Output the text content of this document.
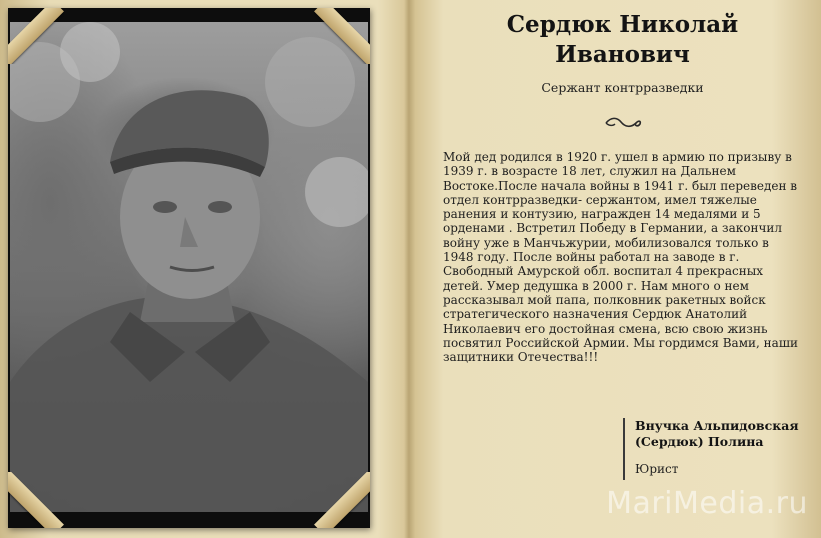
Сердюк Николай Иванович
Сержант контрразведки
Мой дед родился в 1920 г. ушел в армию по призыву в 1939 г. в возрасте 18 лет, служил на Дальнем Востоке.После начала войны в 1941 г. был переведен в отдел контрразведки- сержантом, имел тяжелые ранения и контузию, награжден 14 медалями и 5 орденами . Встретил Победу в Германии, а закончил войну уже в Манчьжурии, мобилизовался только в 1948 году. После войны работал на заводе в г. Свободный Амурской обл. воспитал 4 прекрасных детей. Умер дедушка в 2000 г. Нам много о нем рассказывал мой папа, полковник ракетных войск стратегического назначения Сердюк Анатолий Николаевич его достойная смена, всю свою жизнь посвятил Российской Армии. Мы гордимся Вами, наши защитники Отечества!!!
Внучка Альпидовская (Сердюк) Полина
Юрист
MariMedia.ru
